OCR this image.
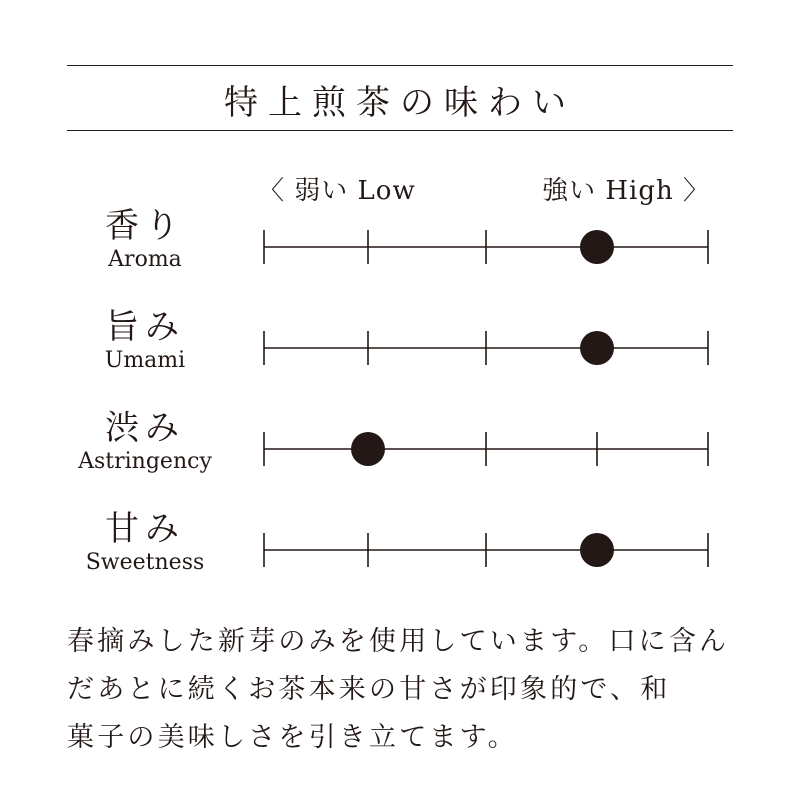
特上煎茶の味わい
〈 弱い Low	強い High 〉
香り
Aroma
旨み
Umami
渋み
Astringency
甘み
Sweetness

春摘みした新芽のみを使用しています。口に含ん

だあとに続くお茶本来の甘さが印象的で、和

菓子の美味しさを引き立てます。
